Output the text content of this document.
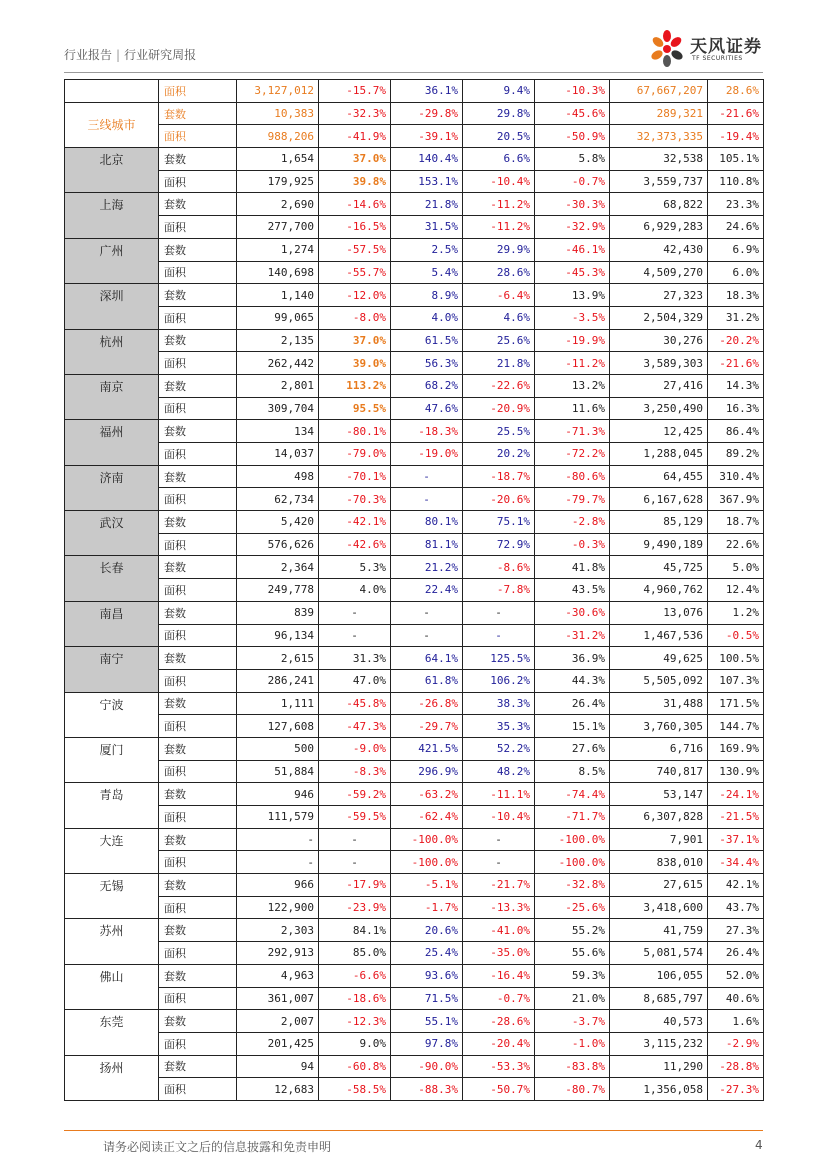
行业报告 | 行业研究周报	天风证券
TF SECURITIES
	面积	3,127,012	-15.7%	36.1%	9.4%	-10.3%	67,667,207	28.6%
三线城市	套数	10,383	-32.3%	-29.8%	29.8%	-45.6%	289,321	-21.6%
	面积	988,206	-41.9%	-39.1%	20.5%	-50.9%	32,373,335	-19.4%
北京	套数	1,654	37.0%	140.4%	6.6%	5.8%	32,538	105.1%
	面积	179,925	39.8%	153.1%	-10.4%	-0.7%	3,559,737	110.8%
上海	套数	2,690	-14.6%	21.8%	-11.2%	-30.3%	68,822	23.3%
	面积	277,700	-16.5%	31.5%	-11.2%	-32.9%	6,929,283	24.6%
广州	套数	1,274	-57.5%	2.5%	29.9%	-46.1%	42,430	6.9%
	面积	140,698	-55.7%	5.4%	28.6%	-45.3%	4,509,270	6.0%
深圳	套数	1,140	-12.0%	8.9%	-6.4%	13.9%	27,323	18.3%
	面积	99,065	-8.0%	4.0%	4.6%	-3.5%	2,504,329	31.2%
杭州	套数	2,135	37.0%	61.5%	25.6%	-19.9%	30,276	-20.2%
	面积	262,442	39.0%	56.3%	21.8%	-11.2%	3,589,303	-21.6%
南京	套数	2,801	113.2%	68.2%	-22.6%	13.2%	27,416	14.3%
	面积	309,704	95.5%	47.6%	-20.9%	11.6%	3,250,490	16.3%
福州	套数	134	-80.1%	-18.3%	25.5%	-71.3%	12,425	86.4%
	面积	14,037	-79.0%	-19.0%	20.2%	-72.2%	1,288,045	89.2%
济南	套数	498	-70.1%	-	-18.7%	-80.6%	64,455	310.4%
	面积	62,734	-70.3%	-	-20.6%	-79.7%	6,167,628	367.9%
武汉	套数	5,420	-42.1%	80.1%	75.1%	-2.8%	85,129	18.7%
	面积	576,626	-42.6%	81.1%	72.9%	-0.3%	9,490,189	22.6%
长春	套数	2,364	5.3%	21.2%	-8.6%	41.8%	45,725	5.0%
	面积	249,778	4.0%	22.4%	-7.8%	43.5%	4,960,762	12.4%
南昌	套数	839	-	-	-	-30.6%	13,076	1.2%
	面积	96,134	-	-	-	-31.2%	1,467,536	-0.5%
南宁	套数	2,615	31.3%	64.1%	125.5%	36.9%	49,625	100.5%
	面积	286,241	47.0%	61.8%	106.2%	44.3%	5,505,092	107.3%
宁波	套数	1,111	-45.8%	-26.8%	38.3%	26.4%	31,488	171.5%
	面积	127,608	-47.3%	-29.7%	35.3%	15.1%	3,760,305	144.7%
厦门	套数	500	-9.0%	421.5%	52.2%	27.6%	6,716	169.9%
	面积	51,884	-8.3%	296.9%	48.2%	8.5%	740,817	130.9%
青岛	套数	946	-59.2%	-63.2%	-11.1%	-74.4%	53,147	-24.1%
	面积	111,579	-59.5%	-62.4%	-10.4%	-71.7%	6,307,828	-21.5%
大连	套数	-	-	-100.0%	-	-100.0%	7,901	-37.1%
	面积	-	-	-100.0%	-	-100.0%	838,010	-34.4%
无锡	套数	966	-17.9%	-5.1%	-21.7%	-32.8%	27,615	42.1%
	面积	122,900	-23.9%	-1.7%	-13.3%	-25.6%	3,418,600	43.7%
苏州	套数	2,303	84.1%	20.6%	-41.0%	55.2%	41,759	27.3%
	面积	292,913	85.0%	25.4%	-35.0%	55.6%	5,081,574	26.4%
佛山	套数	4,963	-6.6%	93.6%	-16.4%	59.3%	106,055	52.0%
	面积	361,007	-18.6%	71.5%	-0.7%	21.0%	8,685,797	40.6%
东莞	套数	2,007	-12.3%	55.1%	-28.6%	-3.7%	40,573	1.6%
	面积	201,425	9.0%	97.8%	-20.4%	-1.0%	3,115,232	-2.9%
扬州	套数	94	-60.8%	-90.0%	-53.3%	-83.8%	11,290	-28.8%
	面积	12,683	-58.5%	-88.3%	-50.7%	-80.7%	1,356,058	-27.3%
请务必阅读正文之后的信息披露和免责申明	4
